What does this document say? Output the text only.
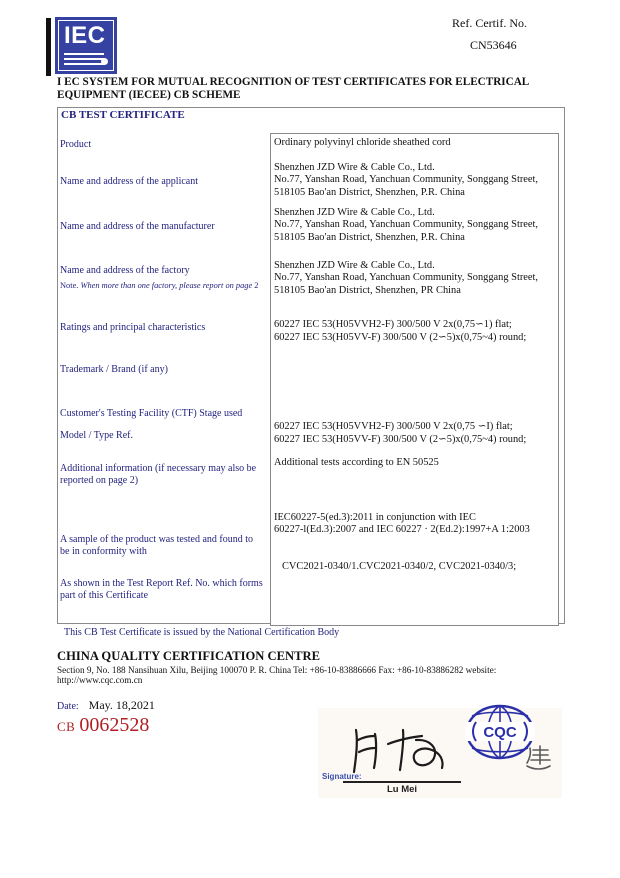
IEC	Ref. Certif. No.
CN53646
I EC SYSTEM FOR MUTUAL RECOGNITION OF TEST CERTIFICATES FOR ELECTRICAL EQUIPMENT (IECEE) CB SCHEME
CB TEST CERTIFICATE
Product
Name and address of the applicant
Name and address of the manufacturer
Name and address of the factory
Note. When more than one factory, please report on page 2
Ratings and principal characteristics
Trademark / Brand (if any)
Customer's Testing Facility (CTF) Stage used
Model / Type Ref.
Additional information (if necessary may also be reported on page 2)
A sample of the product was tested and found to be in conformity with
As shown in the Test Report Ref. No. which forms part of this Certificate
Ordinary polyvinyl chloride sheathed cord
Shenzhen JZD Wire & Cable Co., Ltd.
No.77, Yanshan Road, Yanchuan Community, Songgang Street,
518105 Bao'an District, Shenzhen, P.R. China
Shenzhen JZD Wire & Cable Co., Ltd.
No.77, Yanshan Road, Yanchuan Community, Songgang Street,
518105 Bao'an District, Shenzhen, P.R. China
Shenzhen JZD Wire & Cable Co., Ltd.
No.77, Yanshan Road, Yanchuan Community, Songgang Street,
518105 Bao'an District, Shenzhen, PR China
60227 IEC 53(H05VVH2-F) 300/500 V 2x(0,75∽1) flat;
60227 IEC 53(H05VV-F) 300/500 V (2∽5)x(0,75~4) round;
60227 IEC 53(H05VVH2-F) 300/500 V 2x(0,75 ∽I) flat;
60227 IEC 53(H05VV-F) 300/500 V (2∽5)x(0,75~4) round;
Additional tests according to EN 50525
IEC60227-5(ed.3):2011 in conjunction with IEC
60227-l(Ed.3):2007 and IEC 60227 · 2(Ed.2):1997+A 1:2003
CVC2021-0340/1.CVC2021-0340/2, CVC2021-0340/3;
This CB Test Certificate is issued by the National Certification Body
CHINA QUALITY CERTIFICATION CENTRE
Section 9, No. 188 Nansihuan Xilu, Beijing 100070 P. R. China Tel: +86-10-83886666 Fax: +86-10-83886282 website: http://www.cqc.com.cn
Date: May. 18,2021
CB 0062528	CQC
Signature:
Lu Mei
